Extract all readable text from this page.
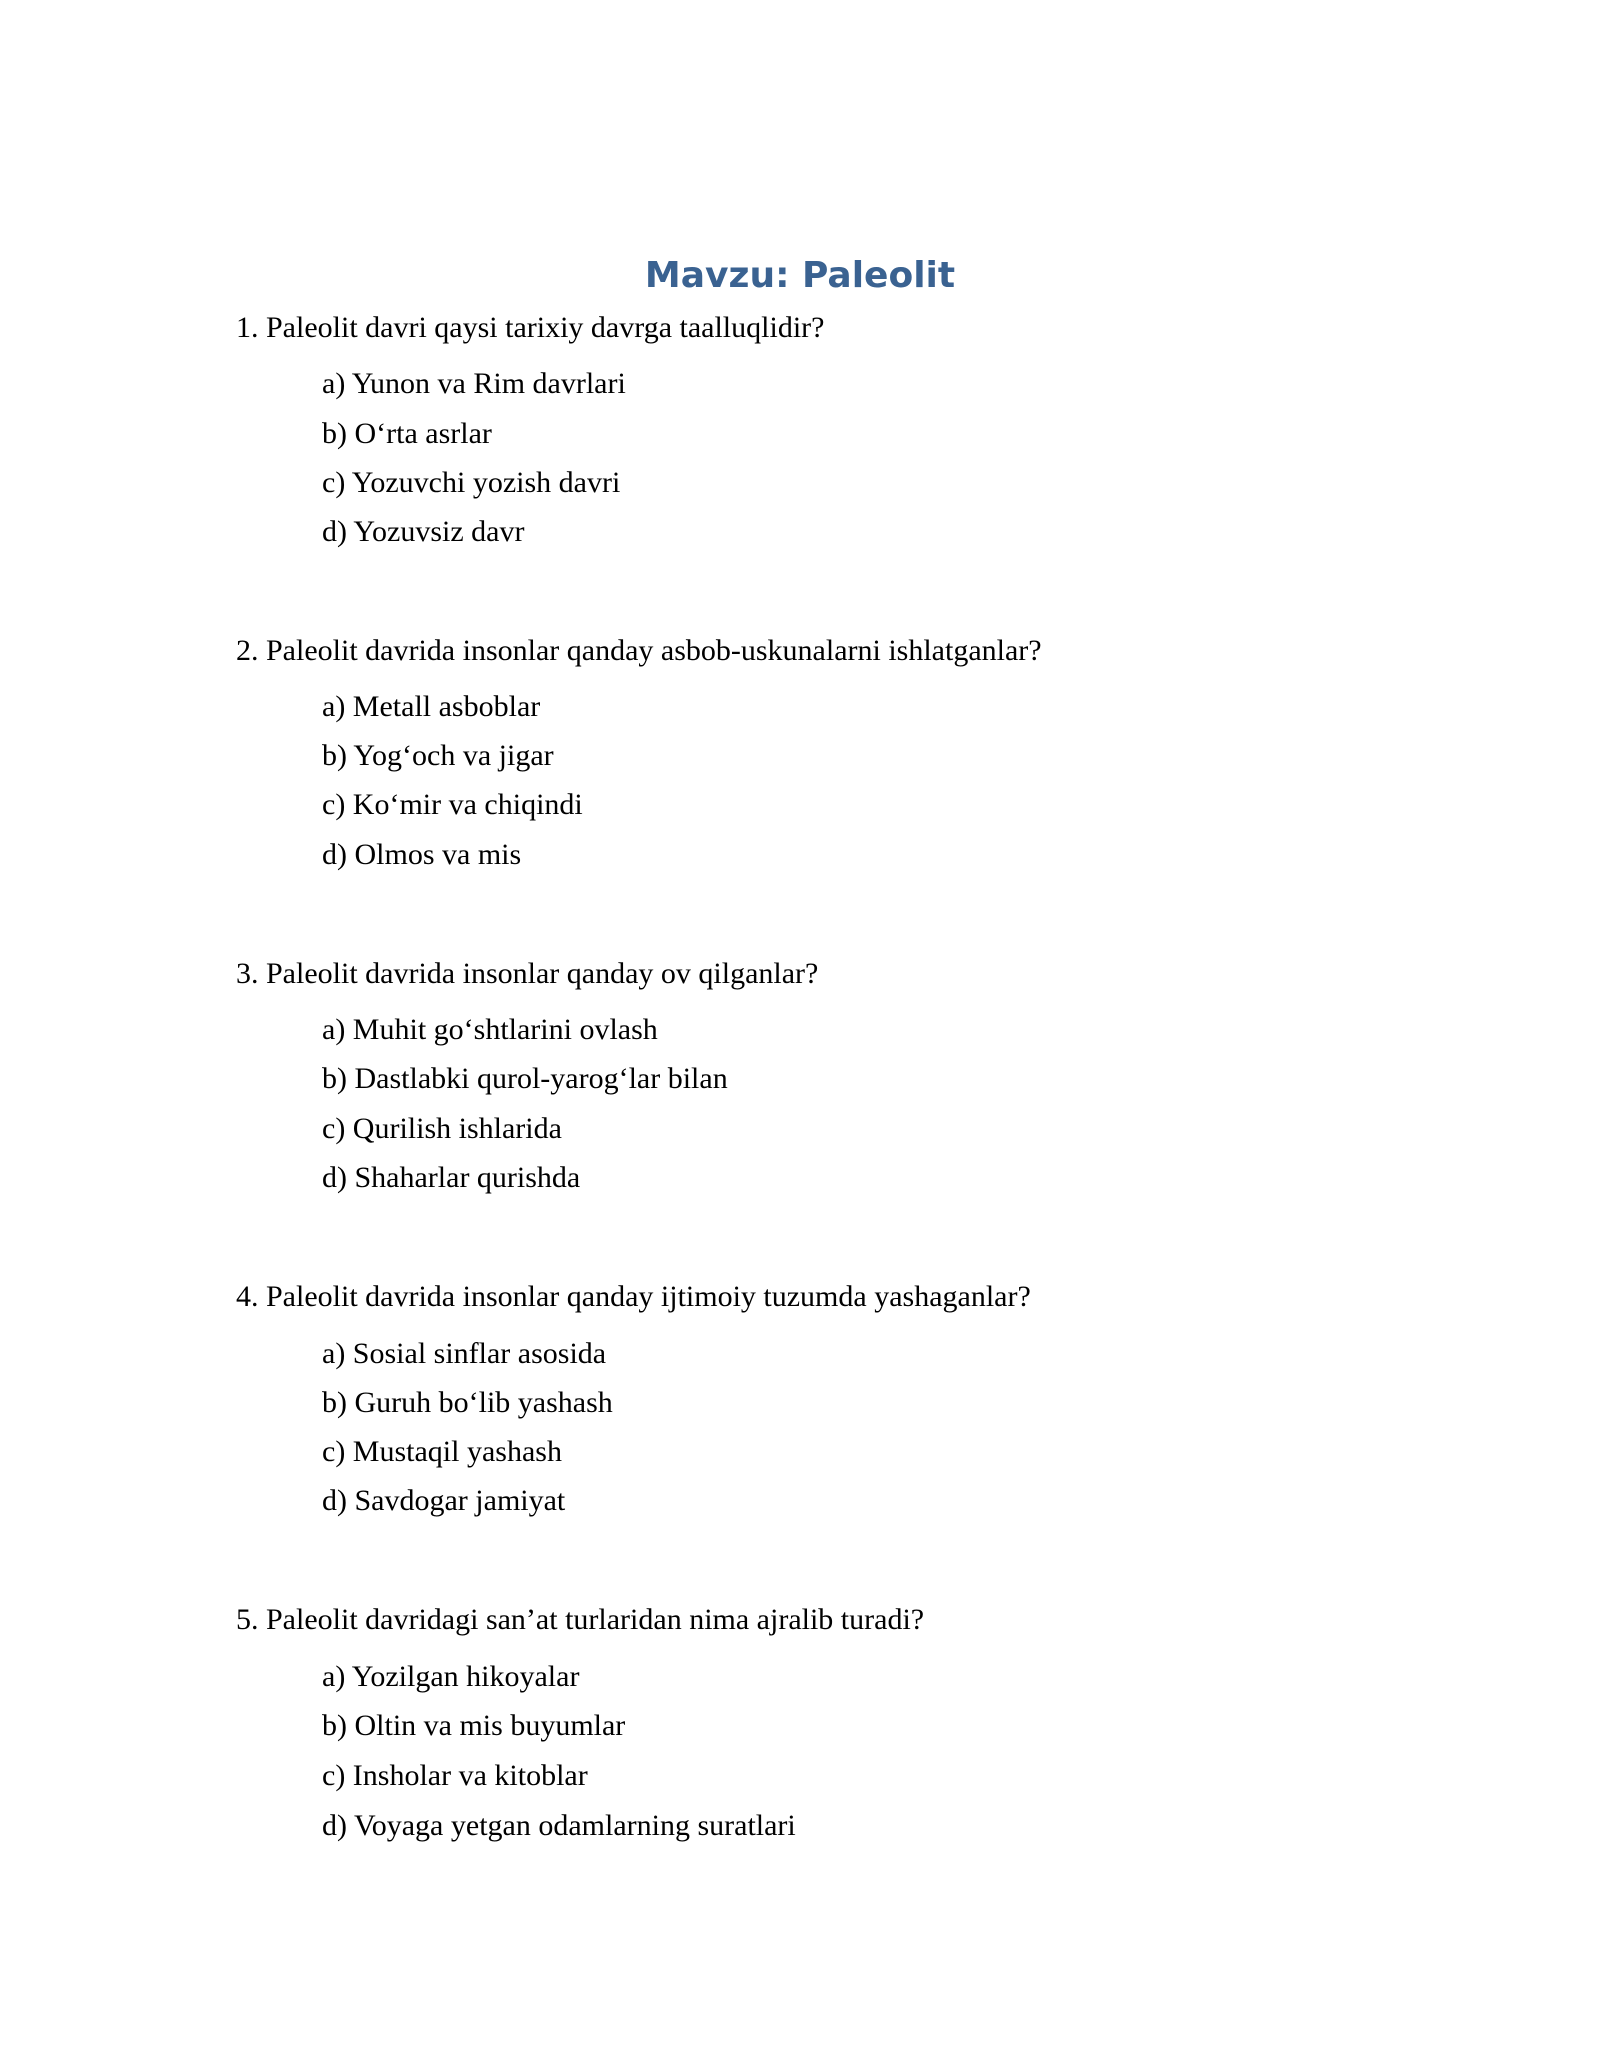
Mavzu: Paleolit

1. Paleolit davri qaysi tarixiy davrga taalluqlidir?

a) Yunon va Rim davrlari
b) O‘rta asrlar
c) Yozuvchi yozish davri
d) Yozuvsiz davr

2. Paleolit davrida insonlar qanday asbob-uskunalarni ishlatganlar?

a) Metall asboblar
b) Yog‘och va jigar
c) Ko‘mir va chiqindi
d) Olmos va mis

3. Paleolit davrida insonlar qanday ov qilganlar?

a) Muhit go‘shtlarini ovlash
b) Dastlabki qurol-yarog‘lar bilan
c) Qurilish ishlarida
d) Shaharlar qurishda

4. Paleolit davrida insonlar qanday ijtimoiy tuzumda yashaganlar?

a) Sosial sinflar asosida
b) Guruh bo‘lib yashash
c) Mustaqil yashash
d) Savdogar jamiyat

5. Paleolit davridagi san’at turlaridan nima ajralib turadi?

a) Yozilgan hikoyalar
b) Oltin va mis buyumlar
c) Insholar va kitoblar
d) Voyaga yetgan odamlarning suratlari
